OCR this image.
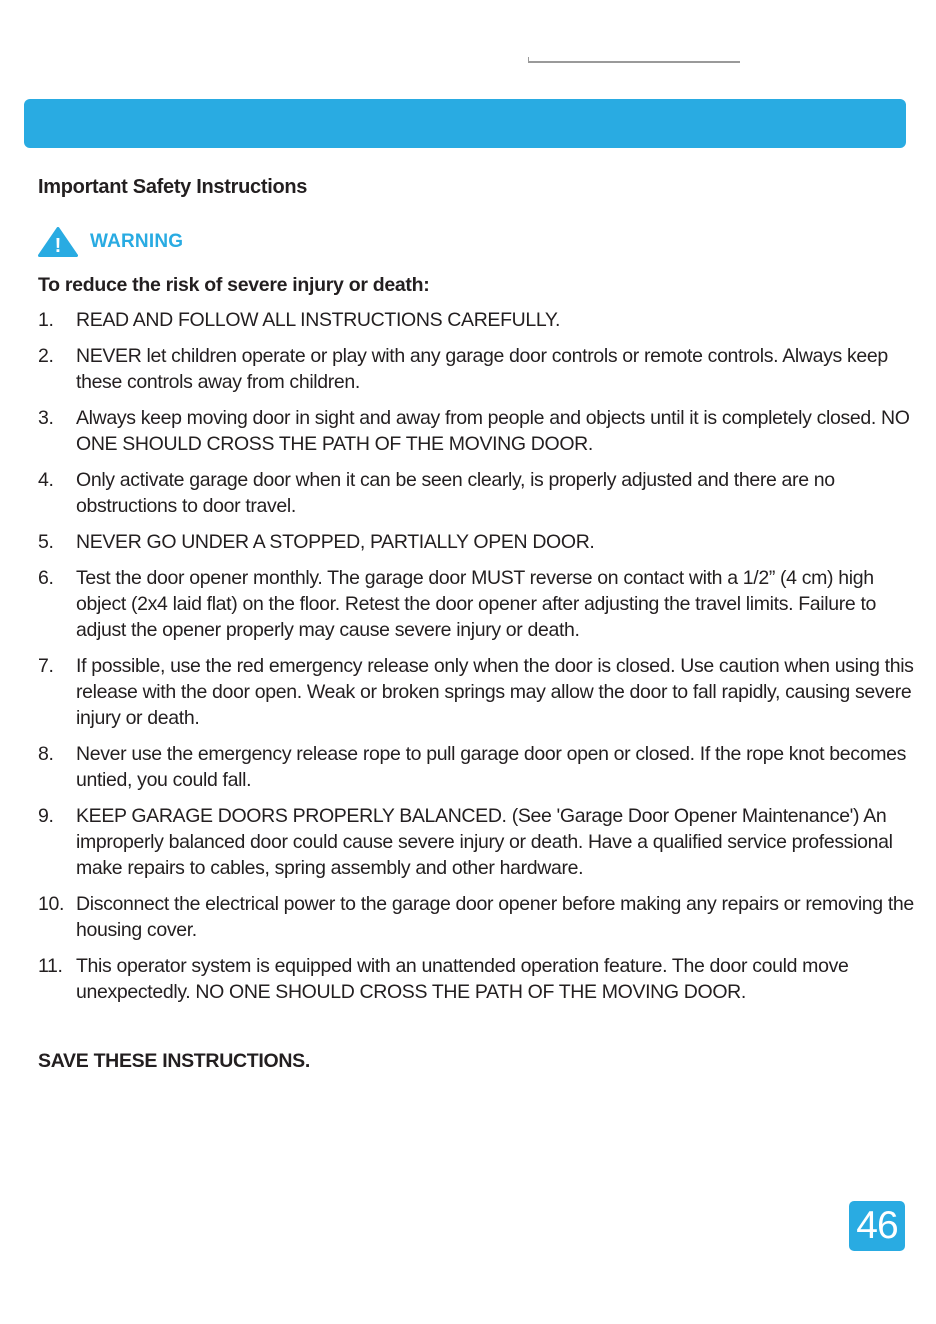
Important Safety Instructions
! WARNING

To reduce the risk of severe injury or death:

1.	READ AND FOLLOW ALL INSTRUCTIONS CAREFULLY.
2.	NEVER let children operate or play with any garage door controls or remote controls. Always keep these controls away from children.
3.	Always keep moving door in sight and away from people and objects until it is completely closed. NO ONE SHOULD CROSS THE PATH OF THE MOVING DOOR.
4.	Only activate garage door when it can be seen clearly, is properly adjusted and there are no obstructions to door travel.
5.	NEVER GO UNDER A STOPPED, PARTIALLY OPEN DOOR.
6.	Test the door opener monthly. The garage door MUST reverse on contact with a 1/2” (4 cm) high object (2x4 laid flat) on the floor. Retest the door opener after adjusting the travel limits. Failure to adjust the opener properly may cause severe injury or death.
7.	If possible, use the red emergency release only when the door is closed. Use caution when using this release with the door open. Weak or broken springs may allow the door to fall rapidly, causing severe injury or death.
8.	Never use the emergency release rope to pull garage door open or closed. If the rope knot becomes untied, you could fall.
9.	KEEP GARAGE DOORS PROPERLY BALANCED. (See 'Garage Door Opener Maintenance') An improperly balanced door could cause severe injury or death. Have a qualified service professional make repairs to cables, spring assembly and other hardware.
10. Disconnect the electrical power to the garage door opener before making any repairs or removing the housing cover.
11. This operator system is equipped with an unattended operation feature. The door could move unexpectedly. NO ONE SHOULD CROSS THE PATH OF THE MOVING DOOR.

SAVE THESE INSTRUCTIONS.

46
